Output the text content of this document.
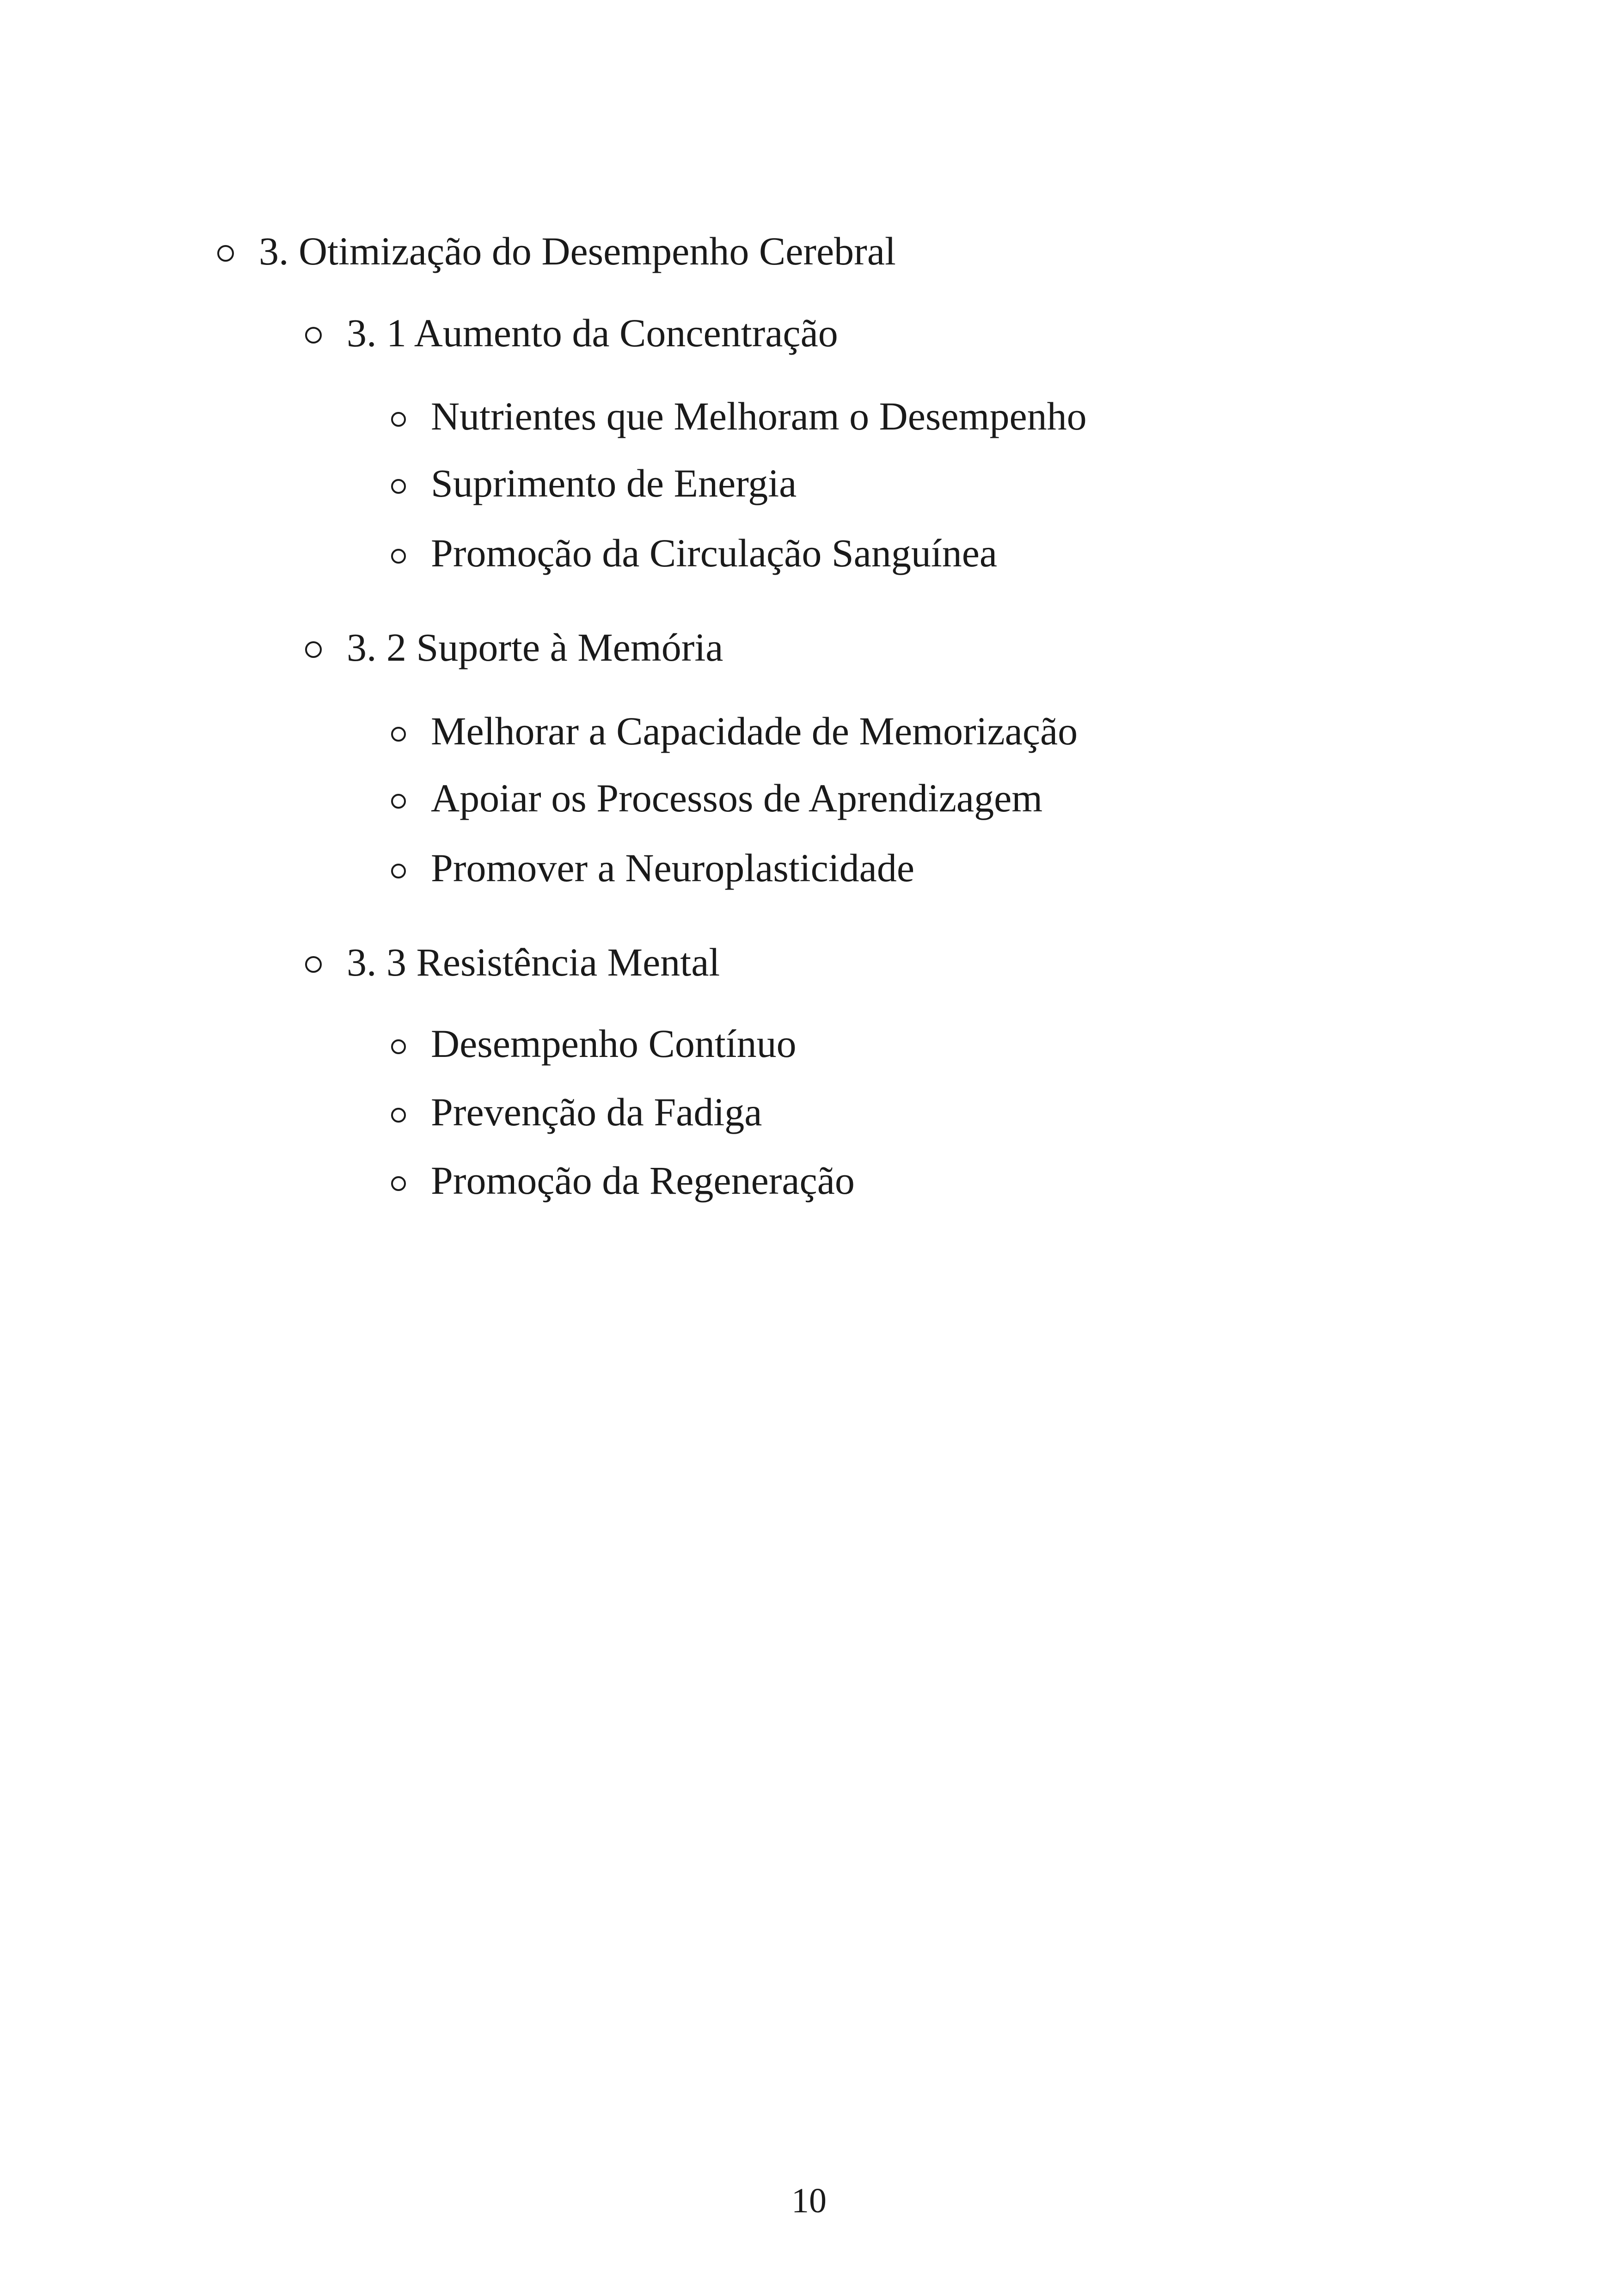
3. Otimização do Desempenho Cerebral
3. 1 Aumento da Concentração
Nutrientes que Melhoram o Desempenho
Suprimento de Energia
Promoção da Circulação Sanguínea
3. 2 Suporte à Memória
Melhorar a Capacidade de Memorização
Apoiar os Processos de Aprendizagem
Promover a Neuroplasticidade
3. 3 Resistência Mental
Desempenho Contínuo
Prevenção da Fadiga
Promoção da Regeneração
10
